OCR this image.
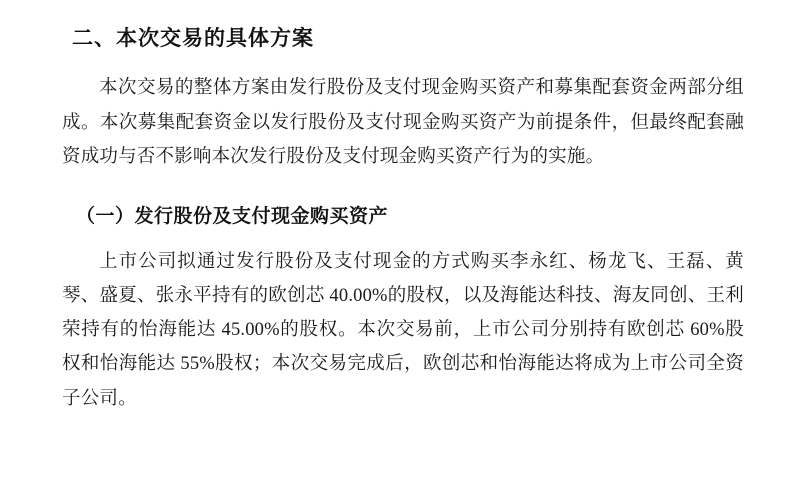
二、本次交易的具体方案

本次交易的整体方案由发行股份及支付现金购买资产和募集配套资金两部分组成。本次募集配套资金以发行股份及支付现金购买资产为前提条件，但最终配套融资成功与否不影响本次发行股份及支付现金购买资产行为的实施。

（一）发行股份及支付现金购买资产

上市公司拟通过发行股份及支付现金的方式购买李永红、杨龙飞、王磊、黄琴、盛夏、张永平持有的欧创芯 40.00%的股权，以及海能达科技、海友同创、王利荣持有的怡海能达 45.00%的股权。本次交易前，上市公司分别持有欧创芯 60%股权和怡海能达 55%股权；本次交易完成后，欧创芯和怡海能达将成为上市公司全资子公司。
